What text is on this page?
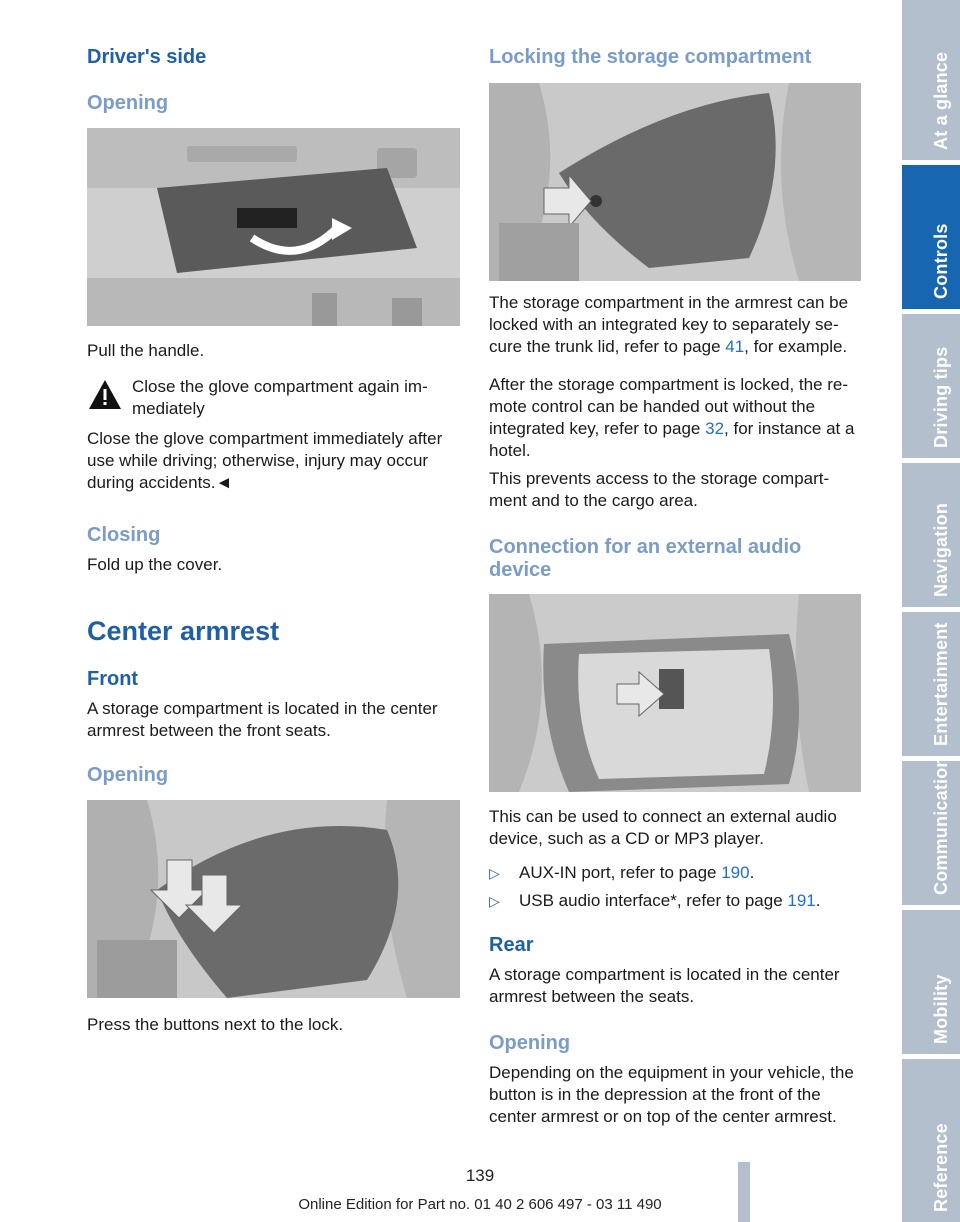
Driver's side
Opening

Pull the handle.

Close the glove compartment again im‐
mediately

Close the glove compartment immediately after use while driving; otherwise, injury may occur during accidents.◄

Closing

Fold up the cover.

Center armrest
Front

A storage compartment is located in the center armrest between the front seats.

Opening

Press the buttons next to the lock.

Locking the storage compartment

The storage compartment in the armrest can be locked with an integrated key to separately se‐ cure the trunk lid, refer to page 41, for example.

After the storage compartment is locked, the re‐ mote control can be handed out without the integrated key, refer to page 32, for instance at a hotel.

This prevents access to the storage compart‐ ment and to the cargo area.

Connection for an external audio device

This can be used to connect an external audio device, such as a CD or MP3 player.

▷ AUX-IN port, refer to page 190.
▷ USB audio interface*, refer to page 191.
Rear

A storage compartment is located in the center armrest between the seats.

Opening

Depending on the equipment in your vehicle, the button is in the depression at the front of the center armrest or on top of the center armrest.

At a glance
Controls
Driving tips
Navigation
Entertainment
Communication
Mobility
Reference
139
Online Edition for Part no. 01 40 2 606 497 - 03 11 490
